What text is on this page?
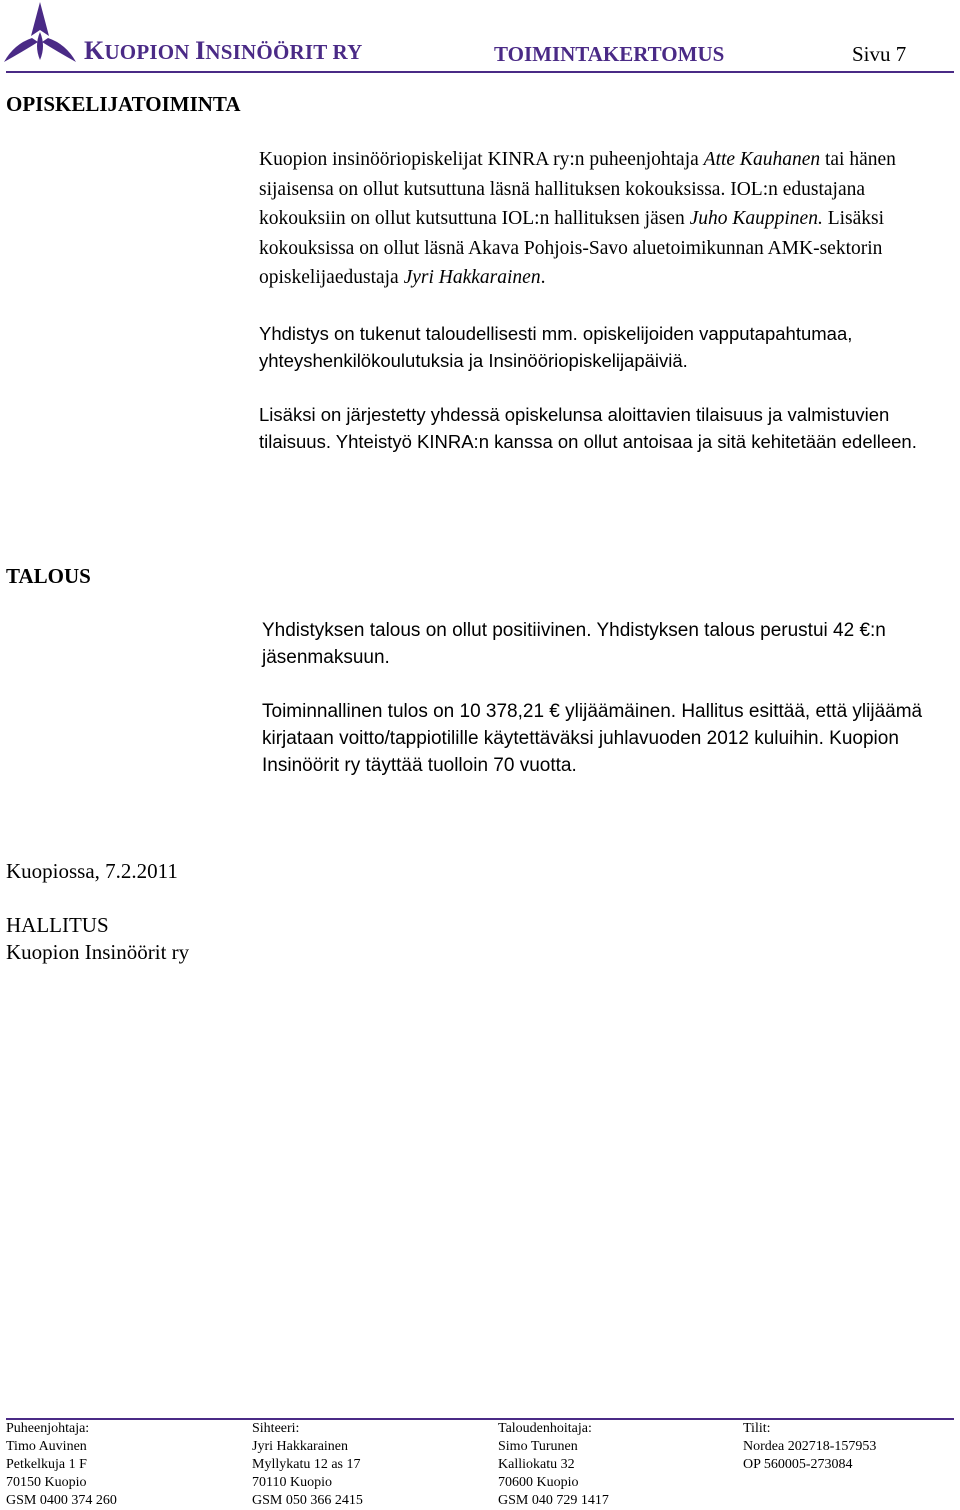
KUOPION INSINÖÖRIT RY	TOIMINTAKERTOMUS	Sivu 7
OPISKELIJATOIMINTA

Kuopion insinööriopiskelijat KINRA ry:n puheenjohtaja Atte Kauhanen tai hänen sijaisensa on ollut kutsuttuna läsnä hallituksen kokouksissa. IOL:n edustajana kokouksiin on ollut kutsuttuna IOL:n hallituksen jäsen Juho Kauppinen. Lisäksi kokouksissa on ollut läsnä Akava Pohjois-Savo aluetoimikunnan AMK-sektorin opiskelijaedustaja Jyri Hakkarainen.

Yhdistys on tukenut taloudellisesti mm. opiskelijoiden vapputapahtumaa, yhteyshenkilökoulutuksia ja Insinööriopiskelijapäiviä.

Lisäksi on järjestetty yhdessä opiskelunsa aloittavien tilaisuus ja valmistuvien tilaisuus. Yhteistyö KINRA:n kanssa on ollut antoisaa ja sitä kehitetään edelleen.

TALOUS

Yhdistyksen talous on ollut positiivinen. Yhdistyksen talous perustui 42 €:n jäsenmaksuun.

Toiminnallinen tulos on 10 378,21 € ylijäämäinen. Hallitus esittää, että ylijäämä kirjataan voitto/tappiotilille käytettäväksi juhlavuoden 2012 kuluihin. Kuopion Insinöörit ry täyttää tuolloin 70 vuotta.

Kuopiossa, 7.2.2011
HALLITUS
Kuopion Insinöörit ry
Puheenjohtaja:
Timo Auvinen
Petkelkuja 1 F
70150 Kuopio
GSM 0400 374 260
Sihteeri:
Jyri Hakkarainen
Myllykatu 12 as 17
70110 Kuopio
GSM 050 366 2415
Taloudenhoitaja:
Simo Turunen
Kalliokatu 32
70600 Kuopio
GSM 040 729 1417
Tilit:
Nordea 202718-157953
OP 560005-273084
